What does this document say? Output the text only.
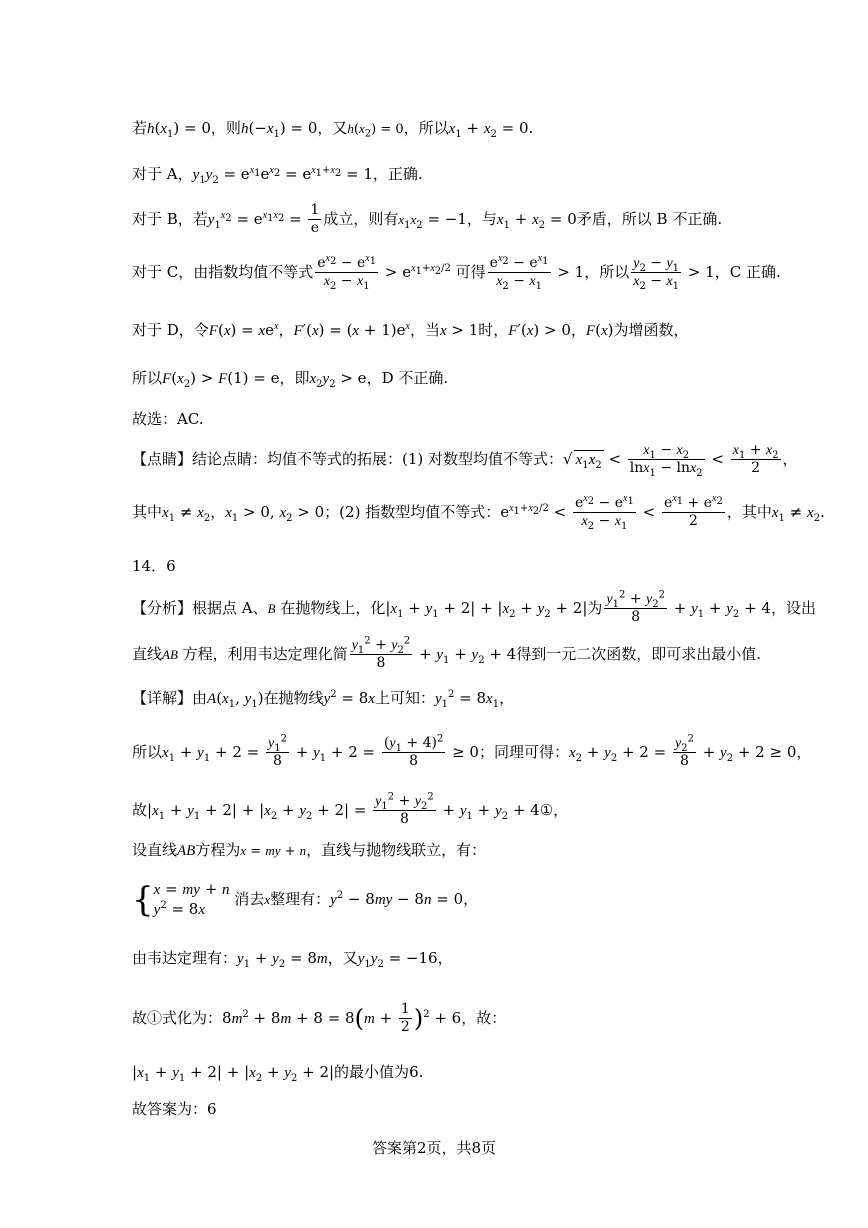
若$h(x_1) = 0$，则$h(-x_1) = 0$，又$h(x_2) = 0$，所以$x_1 + x_2 = 0$.
对于 A，$y_1y_2 = e^{x_1}e^{x_2} = e^{x_1+x_2} = 1$，正确.
对于 B，若$y_1^{x_2} = e^{x_1x_2} = \frac{1}{e}$ 成立，则有$x_1x_2 = -1$，与$x_1 + x_2 = 0$矛盾，所以 B 不正确.
对于 C，由指数均值不等式 $\frac{e^{x_2} - e^{x_1}}{x_2 - x_1} > e^{x_1+x_2/2}$ 可得 $\frac{e^{x_2} - e^{x_1}}{x_2 - x_1} > 1$，所以 $\frac{y_2 - y_1}{x_2 - x_1} > 1$，C 正确.
对于 D，令$F(x) = xe^x$，$F'(x) = (x + 1)e^x$，当x > 1时，F′(x) > 0，F(x)为增函数，
所以$F(x_2) > F(1) = e$，即$x_2y_2 > e$，D 不正确.
故选：AC.
【点睛】结论点睛：均值不等式的拓展：(1) 对数型均值不等式：√ $x_1x_2 < \frac{x_1 - x_2}{\ln x_1 - \ln x_2} < \frac{x_1 + x_2}{2}$ ，
其中$x_1 \ne x_2$，$x_1 > 0$, $x_2 > 0$；(2) 指数型均值不等式：$e^{x_1+x_2/2} < \frac{e^{x_2} - e^{x_1}}{x_2 - x_1} < \frac{e^{x_1} + e^{x_2}}{2}$ ，其中$x_1 \ne x_2$.
14．6
【分析】根据点 A、B 在抛物线上，化$|x_1 + y_1 + 2| + |x_2 + y_2 + 2|$为 $\frac{y_1^2 + y_2^2}{8} + y_1 + y_2 + 4$，设出
直线AB 方程，利用韦达定理化简 $\frac{y_1^2 + y_2^2}{8} + y_1 + y_2 + 4$得到一元二次函数，即可求出最小值.
【详解】由$A(x_1$, $y_1$)在抛物线$y^2 = 8x$上可知：$y_1^2 = 8x_1$，
所以$x_1 + y_1 + 2 = \frac{y_1^2}{8} + y_1 + 2 = \frac{(y_1 + 4)^2}{8} \ge 0$；同理可得：$x_2 + y_2 + 2 = \frac{y_2^2}{8} + y_2 + 2 \ge 0$，
故$|x_1 + y_1 + 2| + |x_2 + y_2 + 2| = \frac{y_1^2 + y_2^2}{8} + y_1 + y_2$ + 4①，
设直线AB方程为x = my + n，直线与抛物线联立，有：
{x = my + n
$y^2 = 8x$ 消去x整理有：$y^2 - 8my - 8n = 0$，
由韦达定理有：$y_1 + y_2 = 8m$，又$y_1y_2 = -16$，
故①式化为：$8m^2 + 8m + 8 = 8(m + \frac{1}{2} )^2 + 6$，故：
$|x_1 + y_1 + 2| + |x_2 + y_2 + 2|$的最小值为6.
故答案为：6
答案第2页，共8页
